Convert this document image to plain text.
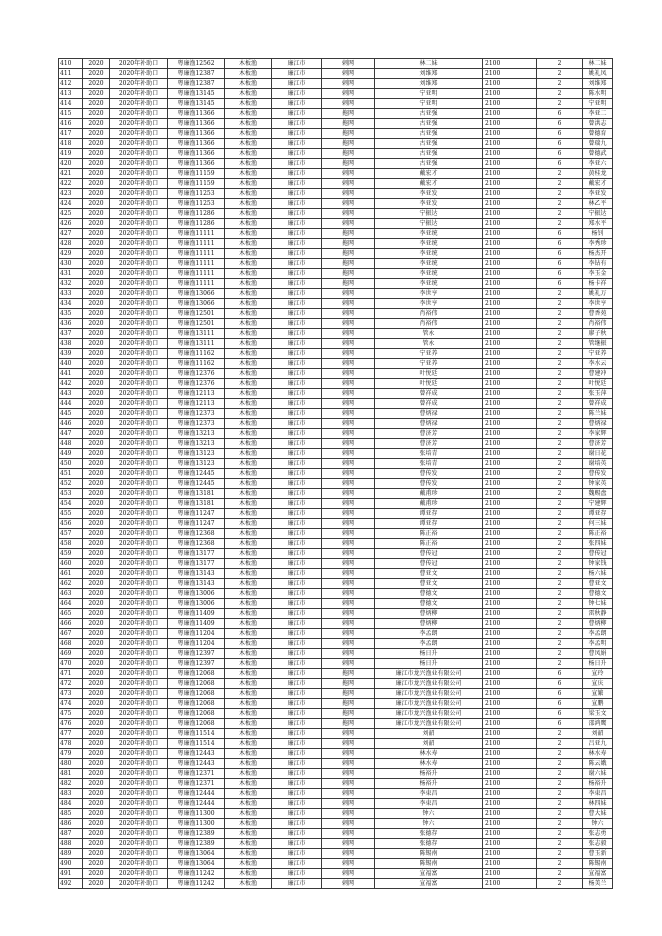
410	2020	2020年补助口	粤廉渔12562	木板渔	廉江市	刺网	林二妹	2100	2	林二妹
411	2020	2020年补助口	粤廉渔12387	木板渔	廉江市	刺网	刘维郑	2100	2	姚礼凤
412	2020	2020年补助口	粤廉渔12387	木板渔	廉江市	刺网	刘维郑	2100	2	刘维郑
413	2020	2020年补助口	粤廉渔13145	木板渔	廉江市	刺网	宁亚明	2100	2	陈水明
414	2020	2020年补助口	粤廉渔13145	木板渔	廉江市	刺网	宁亚明	2100	2	宁亚明
415	2020	2020年补助口	粤廉渔11366	木板渔	廉江市	拖网	古亚强	2100	6	李亚二
416	2020	2020年补助口	粤廉渔11366	木板渔	廉江市	拖网	古亚强	2100	6	曾洪志
417	2020	2020年补助口	粤廉渔11366	木板渔	廉江市	拖网	古亚强	2100	6	曾德育
418	2020	2020年补助口	粤廉渔11366	木板渔	廉江市	拖网	古亚强	2100	6	曾瑞九
419	2020	2020年补助口	粤廉渔11366	木板渔	廉江市	拖网	古亚强	2100	6	曾德武
420	2020	2020年补助口	粤廉渔11366	木板渔	廉江市	拖网	古亚强	2100	6	李亚六
421	2020	2020年补助口	粤廉渔11159	木板渔	廉江市	刺网	戴宏才	2100	2	黄桂龙
422	2020	2020年补助口	粤廉渔11159	木板渔	廉江市	刺网	戴宏才	2100	2	戴宏才
423	2020	2020年补助口	粤廉渔11253	木板渔	廉江市	刺网	李亚发	2100	2	李亚发
424	2020	2020年补助口	粤廉渔11253	木板渔	廉江市	刺网	李亚发	2100	2	林乙平
425	2020	2020年补助口	粤廉渔11286	木板渔	廉江市	刺网	宁振达	2100	2	宁振达
426	2020	2020年补助口	粤廉渔11286	木板渔	廉江市	刺网	宁振达	2100	2	郑水平
427	2020	2020年补助口	粤廉渔11111	木板渔	廉江市	拖网	李亚统	2100	6	杨钊
428	2020	2020年补助口	粤廉渔11111	木板渔	廉江市	拖网	李亚统	2100	6	李秀珍
429	2020	2020年补助口	粤廉渔11111	木板渔	廉江市	拖网	李亚统	2100	6	杨杰开
430	2020	2020年补助口	粤廉渔11111	木板渔	廉江市	拖网	李亚统	2100	6	李钻有
431	2020	2020年补助口	粤廉渔11111	木板渔	廉江市	拖网	李亚统	2100	6	李玉金
432	2020	2020年补助口	粤廉渔11111	木板渔	廉江市	拖网	李亚统	2100	6	杨卡祥
433	2020	2020年补助口	粤廉渔13066	木板渔	廉江市	刺网	李世亨	2100	2	姚礼万
434	2020	2020年补助口	粤廉渔13066	木板渔	廉江市	刺网	李世亨	2100	2	李世亨
435	2020	2020年补助口	粤廉渔12501	木板渔	廉江市	刺网	肖裕伟	2100	2	曹香苑
436	2020	2020年补助口	粤廉渔12501	木板渔	廉江市	刺网	肖裕伟	2100	2	肖裕伟
437	2020	2020年补助口	粤廉渔13111	木板渔	廉江市	刺网	管永	2100	2	廖子秋
438	2020	2020年补助口	粤廉渔13111	木板渔	廉江市	刺网	管永	2100	2	管继振
439	2020	2020年补助口	粤廉渔11162	木板渔	廉江市	刺网	宁亚养	2100	2	宁亚养
440	2020	2020年补助口	粤廉渔11162	木板渔	廉江市	刺网	宁亚养	2100	2	李水云
441	2020	2020年补助口	粤廉渔12376	木板渔	廉江市	刺网	叶悦廷	2100	2	曹建冲
442	2020	2020年补助口	粤廉渔12376	木板渔	廉江市	刺网	叶悦廷	2100	2	叶悦廷
443	2020	2020年补助口	粤廉渔12113	木板渔	廉江市	刺网	曾祥成	2100	2	张玉萍
444	2020	2020年补助口	粤廉渔12113	木板渔	廉江市	刺网	曾祥成	2100	2	曾祥成
445	2020	2020年补助口	粤廉渔12373	木板渔	廉江市	刺网	曹炳禄	2100	2	陈兰妹
446	2020	2020年补助口	粤廉渔12373	木板渔	廉江市	刺网	曹炳禄	2100	2	曹炳禄
447	2020	2020年补助口	粤廉渔13213	木板渔	廉江市	刺网	曹济芳	2100	2	李家辉
448	2020	2020年补助口	粤廉渔13213	木板渔	廉江市	刺网	曹济芳	2100	2	曹济芳
449	2020	2020年补助口	粤廉渔13123	木板渔	廉江市	刺网	张培青	2100	2	谢日花
450	2020	2020年补助口	粤廉渔13123	木板渔	廉江市	刺网	张培青	2100	2	谢培英
451	2020	2020年补助口	粤廉渔12445	木板渔	廉江市	刺网	曹传发	2100	2	曹传发
452	2020	2020年补助口	粤廉渔12445	木板渔	廉江市	刺网	曹传发	2100	2	钟家英
453	2020	2020年补助口	粤廉渔13181	木板渔	廉江市	刺网	戴甫珍	2100	2	魏赐盘
454	2020	2020年补助口	粤廉渔13181	木板渔	廉江市	刺网	戴甫珍	2100	2	宁建辉
455	2020	2020年补助口	粤廉渔11247	木板渔	廉江市	刺网	谭亚存	2100	2	谭亚存
456	2020	2020年补助口	粤廉渔11247	木板渔	廉江市	刺网	谭亚存	2100	2	何三妹
457	2020	2020年补助口	粤廉渔12368	木板渔	廉江市	刺网	陈正裕	2100	2	陈正裕
458	2020	2020年补助口	粤廉渔12368	木板渔	廉江市	刺网	陈正裕	2100	2	张四妹
459	2020	2020年补助口	粤廉渔13177	木板渔	廉江市	刺网	曹传冠	2100	2	曹传冠
460	2020	2020年补助口	粤廉渔13177	木板渔	廉江市	刺网	曹传冠	2100	2	钟家钱
461	2020	2020年补助口	粤廉渔13143	木板渔	廉江市	刺网	曹亚文	2100	2	杨六妹
462	2020	2020年补助口	粤廉渔13143	木板渔	廉江市	刺网	曹亚文	2100	2	曹亚文
463	2020	2020年补助口	粤廉渔13006	木板渔	廉江市	刺网	曹德文	2100	2	曹德文
464	2020	2020年补助口	粤廉渔13006	木板渔	廉江市	刺网	曹德文	2100	2	钟七妹
465	2020	2020年补助口	粤廉渔11409	木板渔	廉江市	刺网	曹炳柳	2100	2	雷秋静
466	2020	2020年补助口	粤廉渔11409	木板渔	廉江市	刺网	曹炳柳	2100	2	曹炳柳
467	2020	2020年补助口	粤廉渔11204	木板渔	廉江市	刺网	李孟朗	2100	2	李孟朗
468	2020	2020年补助口	粤廉渔11204	木板渔	廉江市	刺网	李孟朗	2100	2	李孟明
469	2020	2020年补助口	粤廉渔12397	木板渔	廉江市	刺网	杨日升	2100	2	曹凤娟
470	2020	2020年补助口	粤廉渔12397	木板渔	廉江市	刺网	杨日升	2100	2	杨日升
471	2020	2020年补助口	粤廉渔12068	木板渔	廉江市	拖网	廉江市龙兴渔业有限公司	2100	6	宣玲
472	2020	2020年补助口	粤廉渔12068	木板渔	廉江市	拖网	廉江市龙兴渔业有限公司	2100	6	宣庆
473	2020	2020年补助口	粤廉渔12068	木板渔	廉江市	拖网	廉江市龙兴渔业有限公司	2100	6	宣繁
474	2020	2020年补助口	粤廉渔12068	木板渔	廉江市	拖网	廉江市龙兴渔业有限公司	2100	6	宣鹏
475	2020	2020年补助口	粤廉渔12068	木板渔	廉江市	拖网	廉江市龙兴渔业有限公司	2100	6	梁玉文
476	2020	2020年补助口	粤廉渔12068	木板渔	廉江市	拖网	廉江市龙兴渔业有限公司	2100	6	邵鸿鹰
477	2020	2020年补助口	粤廉渔11514	木板渔	廉江市	刺网	刘韶	2100	2	刘韶
478	2020	2020年补助口	粤廉渔11514	木板渔	廉江市	刺网	刘韶	2100	2	吕亚九
479	2020	2020年补助口	粤廉渔12443	木板渔	廉江市	刺网	林水寿	2100	2	林水寿
480	2020	2020年补助口	粤廉渔12443	木板渔	廉江市	刺网	林水寿	2100	2	陈云娥
481	2020	2020年补助口	粤廉渔12371	木板渔	廉江市	刺网	杨裕升	2100	2	谢六妹
482	2020	2020年补助口	粤廉渔12371	木板渔	廉江市	刺网	杨裕升	2100	2	杨裕升
483	2020	2020年补助口	粤廉渔12444	木板渔	廉江市	刺网	李束昌	2100	2	李束昌
484	2020	2020年补助口	粤廉渔12444	木板渔	廉江市	刺网	李束昌	2100	2	林四妹
485	2020	2020年补助口	粤廉渔11300	木板渔	廉江市	刺网	钟六	2100	2	曹大妹
486	2020	2020年补助口	粤廉渔11300	木板渔	廉江市	刺网	钟六	2100	2	钟六
487	2020	2020年补助口	粤廉渔12389	木板渔	廉江市	刺网	张德存	2100	2	张志勇
488	2020	2020年补助口	粤廉渔12389	木板渔	廉江市	刺网	张德存	2100	2	张志毅
489	2020	2020年补助口	粤廉渔13064	木板渔	廉江市	刺网	陈锡南	2100	2	曹玉新
490	2020	2020年补助口	粤廉渔13064	木板渔	廉江市	刺网	陈锡南	2100	2	陈锡南
491	2020	2020年补助口	粤廉渔11242	木板渔	廉江市	刺网	宣福富	2100	2	宣福富
492	2020	2020年补助口	粤廉渔11242	木板渔	廉江市	刺网	宣福富	2100	2	杨美兰
